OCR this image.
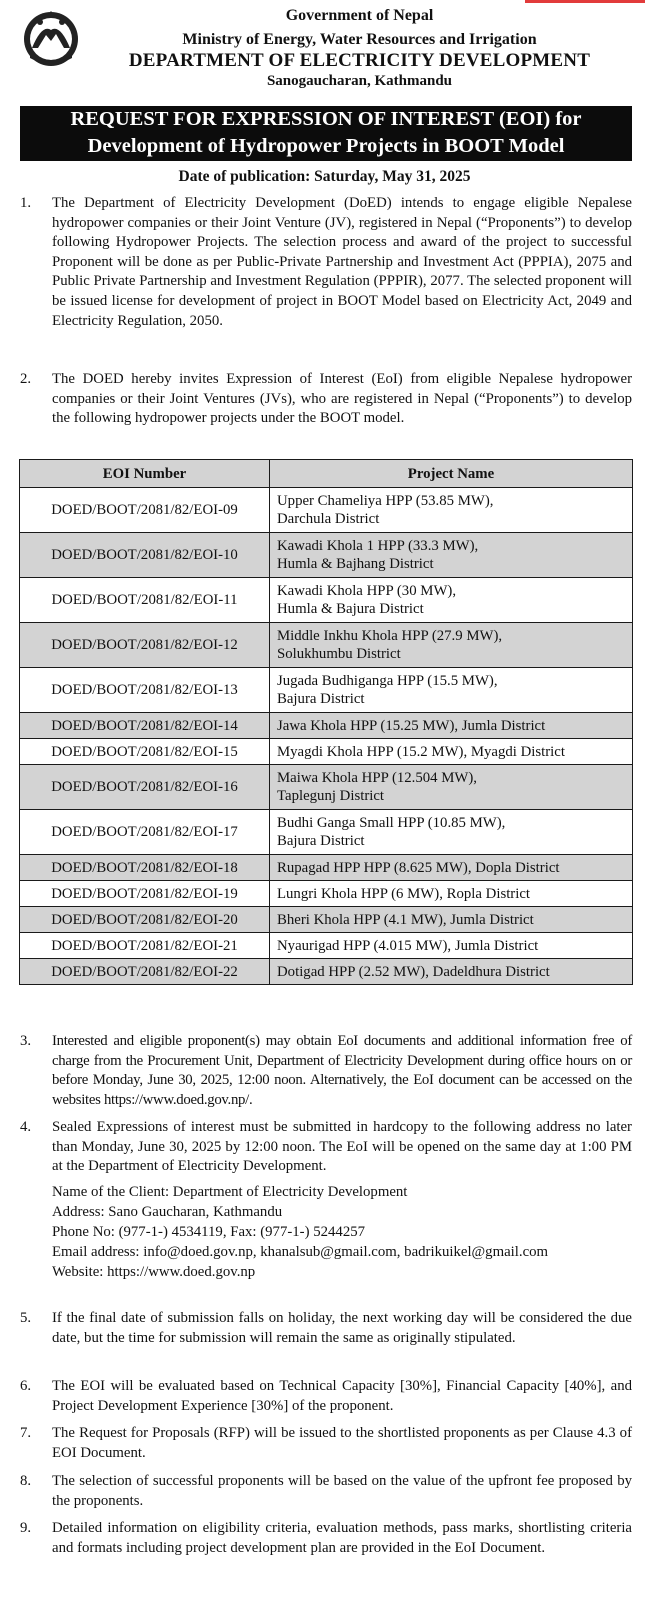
Government of Nepal
Ministry of Energy, Water Resources and Irrigation
DEPARTMENT OF ELECTRICITY DEVELOPMENT
Sanogaucharan, Kathmandu
REQUEST FOR EXPRESSION OF INTEREST (EOI) for
Development of Hydropower Projects in BOOT Model
Date of publication: Saturday, May 31, 2025
1.	The Department of Electricity Development (DoED) intends to engage eligible Nepalese hydropower companies or their Joint Venture (JV), registered in Nepal (“Proponents”) to develop following Hydropower Projects. The selection process and award of the project to successful Proponent will be done as per Public-Private Partnership and Investment Act (PPPIA), 2075 and Public Private Partnership and Investment Regulation (PPPIR), 2077. The selected proponent will be issued license for development of project in BOOT Model based on Electricity Act, 2049 and Electricity Regulation, 2050.
2.	The DOED hereby invites Expression of Interest (EoI) from eligible Nepalese hydropower companies or their Joint Ventures (JVs), who are registered in Nepal (“Proponents”) to develop the following hydropower projects under the BOOT model.
EOI Number	Project Name
DOED/BOOT/2081/82/EOI-09	Upper Chameliya HPP (53.85 MW),
Darchula District

DOED/BOOT/2081/82/EOI-10	Kawadi Khola 1 HPP (33.3 MW),
Humla & Bajhang District

DOED/BOOT/2081/82/EOI-11	Kawadi Khola HPP (30 MW),
Humla & Bajura District

DOED/BOOT/2081/82/EOI-12	Middle Inkhu Khola HPP (27.9 MW),
Solukhumbu District

DOED/BOOT/2081/82/EOI-13	Jugada Budhiganga HPP (15.5 MW),
Bajura District

DOED/BOOT/2081/82/EOI-14	Jawa Khola HPP (15.25 MW), Jumla District
DOED/BOOT/2081/82/EOI-15	Myagdi Khola HPP (15.2 MW), Myagdi District
DOED/BOOT/2081/82/EOI-16	Maiwa Khola HPP (12.504 MW),
Taplegunj District

DOED/BOOT/2081/82/EOI-17	Budhi Ganga Small HPP (10.85 MW),
Bajura District

DOED/BOOT/2081/82/EOI-18	Rupagad HPP HPP (8.625 MW), Dopla District
DOED/BOOT/2081/82/EOI-19	Lungri Khola HPP (6 MW), Ropla District
DOED/BOOT/2081/82/EOI-20	Bheri Khola HPP (4.1 MW), Jumla District
DOED/BOOT/2081/82/EOI-21	Nyaurigad HPP (4.015 MW), Jumla District
DOED/BOOT/2081/82/EOI-22	Dotigad HPP (2.52 MW), Dadeldhura District
3.	Interested and eligible proponent(s) may obtain EoI documents and additional information free of charge from the Procurement Unit, Department of Electricity Development during office hours on or before Monday, June 30, 2025, 12:00 noon. Alternatively, the EoI document can be accessed on the websites https://www.doed.gov.np/.
4.	Sealed Expressions of interest must be submitted in hardcopy to the following address no later than Monday, June 30, 2025 by 12:00 noon. The EoI will be opened on the same day at 1:00 PM at the Department of Electricity Development.
Name of the Client: Department of Electricity Development
Address: Sano Gaucharan, Kathmandu
Phone No: (977-1-) 4534119, Fax: (977-1-) 5244257
Email address: info@doed.gov.np, khanalsub@gmail.com, badrikuikel@gmail.com
Website: https://www.doed.gov.np
5.	If the final date of submission falls on holiday, the next working day will be considered the due date, but the time for submission will remain the same as originally stipulated.
6.	The EOI will be evaluated based on Technical Capacity [30%], Financial Capacity [40%], and Project Development Experience [30%] of the proponent.
7.	The Request for Proposals (RFP) will be issued to the shortlisted proponents as per Clause 4.3 of EOI Document.
8.	The selection of successful proponents will be based on the value of the upfront fee proposed by the proponents.
9.	Detailed information on eligibility criteria, evaluation methods, pass marks, shortlisting criteria and formats including project development plan are provided in the EoI Document.
